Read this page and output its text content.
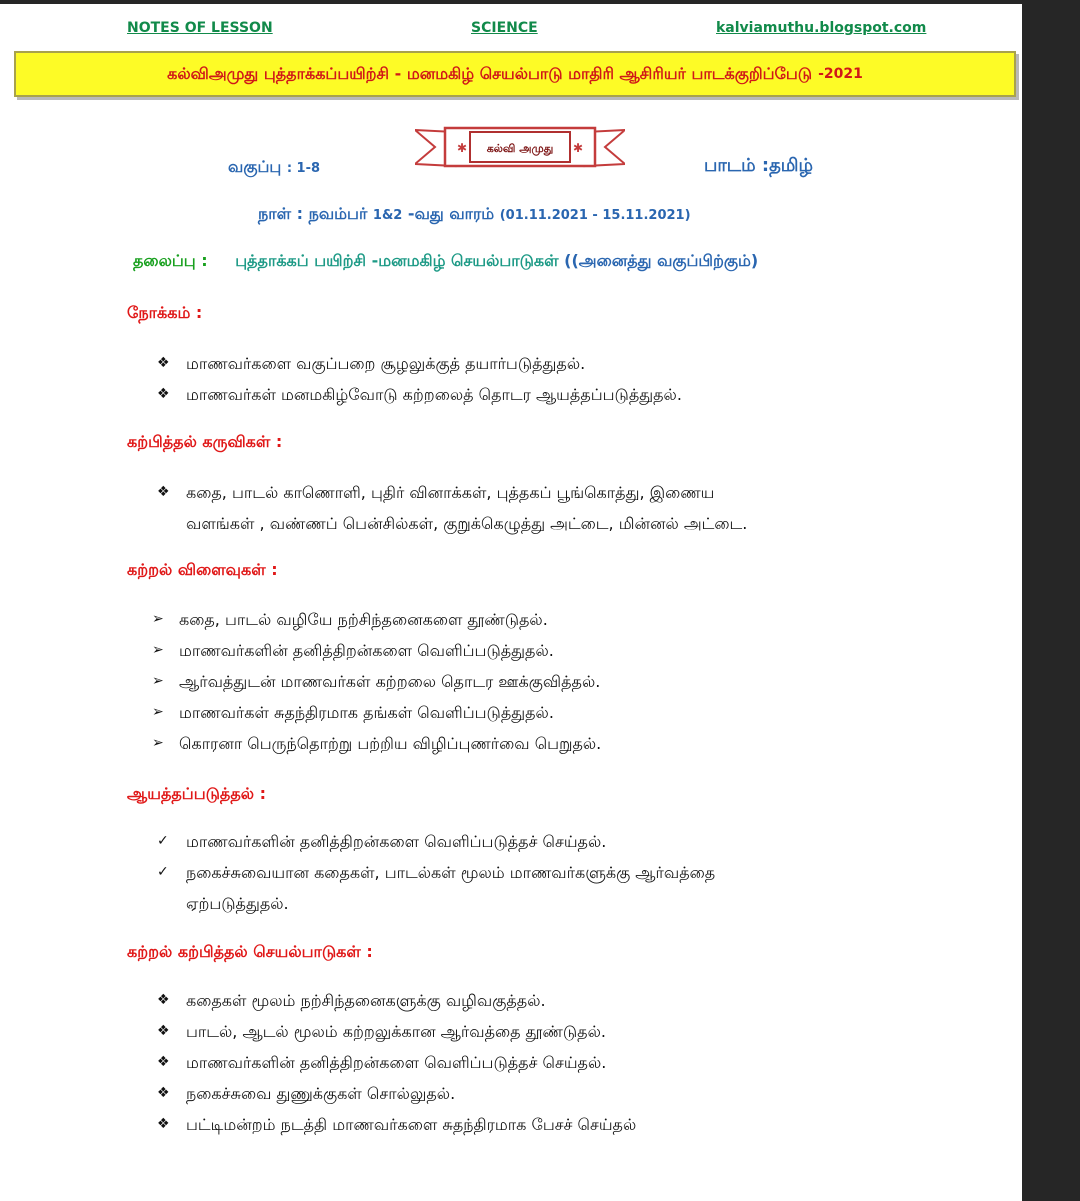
NOTES OF LESSON	SCIENCE	kalviamuthu.blogspot.com
கல்விஅமுது புத்தாக்கப்பயிற்சி - மனமகிழ் செயல்பாடு மாதிரி ஆசிரியர் பாடக்குறிப்பேடு -2021
✱	✱
கல்வி அமுது
வகுப்பு : 1-8	பாடம் :தமிழ்
நாள் : நவம்பர் 1&2 -வது வாரம் (01.11.2021 - 15.11.2021)
தலைப்பு : புத்தாக்கப் பயிற்சி -மனமகிழ் செயல்பாடுகள் ((அனைத்து வகுப்பிற்கும்)
நோக்கம் :
❖ மாணவர்களை வகுப்பறை சூழலுக்குத் தயார்படுத்துதல்.
❖ மாணவர்கள் மனமகிழ்வோடு கற்றலைத் தொடர ஆயத்தப்படுத்துதல்.
கற்பித்தல் கருவிகள் :
❖ கதை, பாடல் காணொளி, புதிர் வினாக்கள், புத்தகப் பூங்கொத்து, இணைய
வளங்கள் , வண்ணப் பென்சில்கள், குறுக்கெழுத்து அட்டை, மின்னல் அட்டை.
கற்றல் விளைவுகள் :
➢ கதை, பாடல் வழியே நற்சிந்தனைகளை தூண்டுதல்.
➢ மாணவர்களின் தனித்திறன்களை வெளிப்படுத்துதல்.
➢ ஆர்வத்துடன் மாணவர்கள் கற்றலை தொடர ஊக்குவித்தல்.
➢ மாணவர்கள் சுதந்திரமாக தங்கள் வெளிப்படுத்துதல்.
➢ கொரனா பெருந்தொற்று பற்றிய விழிப்புணர்வை பெறுதல்.
ஆயத்தப்படுத்தல் :
✓ மாணவர்களின் தனித்திறன்களை வெளிப்படுத்தச் செய்தல்.
✓ நகைச்சுவையான கதைகள், பாடல்கள் மூலம் மாணவர்களுக்கு ஆர்வத்தை
ஏற்படுத்துதல்.
கற்றல் கற்பித்தல் செயல்பாடுகள் :
❖ கதைகள் மூலம் நற்சிந்தனைகளுக்கு வழிவகுத்தல்.
❖ பாடல், ஆடல் மூலம் கற்றலுக்கான ஆர்வத்தை தூண்டுதல்.
❖ மாணவர்களின் தனித்திறன்களை வெளிப்படுத்தச் செய்தல்.
❖ நகைச்சுவை துணுக்குகள் சொல்லுதல்.
❖ பட்டிமன்றம் நடத்தி மாணவர்களை சுதந்திரமாக பேசச் செய்தல்
